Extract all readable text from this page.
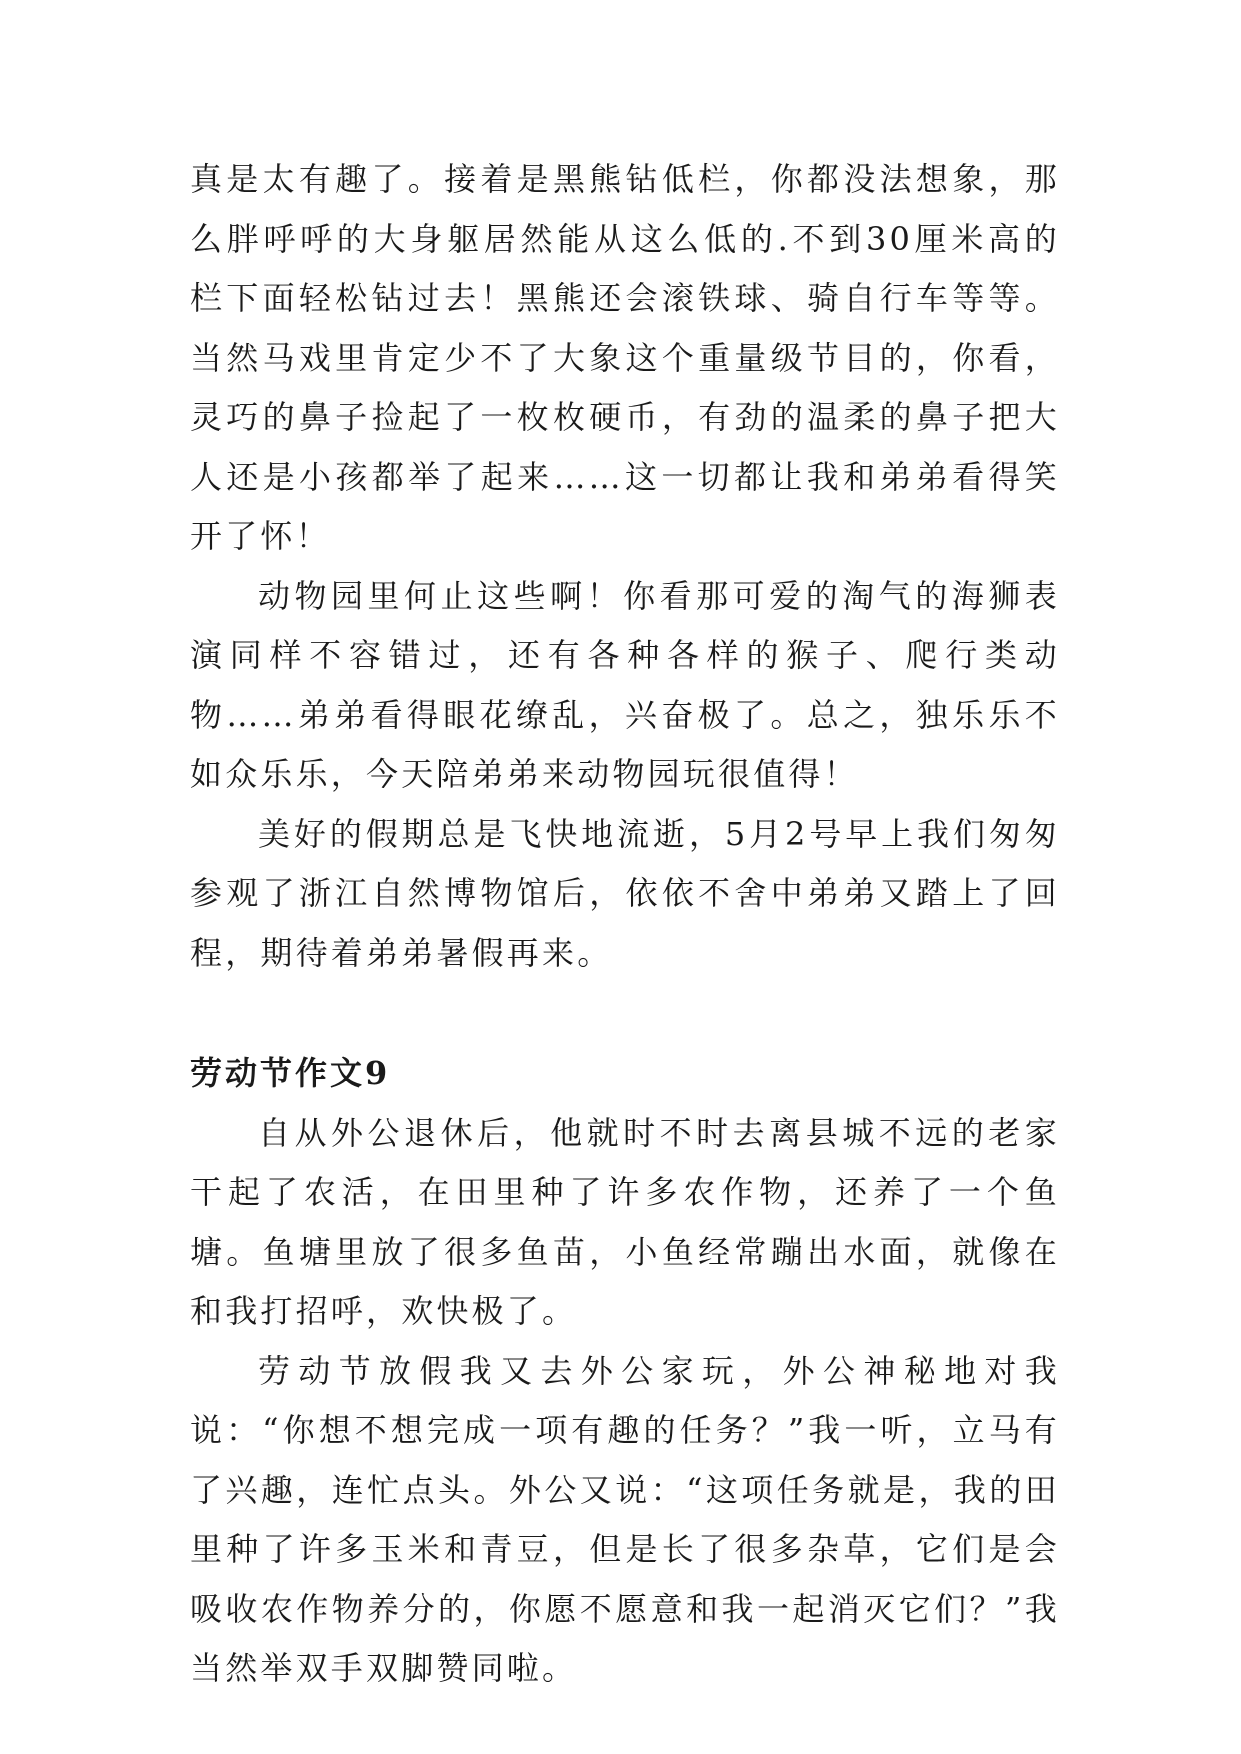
真是太有趣了。接着是黑熊钻低栏，你都没法想象，那么胖呼呼的大身躯居然能从这么低的.不到30厘米高的栏下面轻松钻过去！黑熊还会滚铁球、骑自行车等等。当然马戏里肯定少不了大象这个重量级节目的，你看，灵巧的鼻子捡起了一枚枚硬币，有劲的温柔的鼻子把大人还是小孩都举了起来……这一切都让我和弟弟看得笑开了怀！

动物园里何止这些啊！你看那可爱的淘气的海狮表演同样不容错过，还有各种各样的猴子、爬行类动物……弟弟看得眼花缭乱，兴奋极了。总之，独乐乐不如众乐乐，今天陪弟弟来动物园玩很值得！

美好的假期总是飞快地流逝，5月2号早上我们匆匆参观了浙江自然博物馆后，依依不舍中弟弟又踏上了回程，期待着弟弟暑假再来。

劳动节作文9

自从外公退休后，他就时不时去离县城不远的老家干起了农活，在田里种了许多农作物，还养了一个鱼塘。鱼塘里放了很多鱼苗，小鱼经常蹦出水面，就像在和我打招呼，欢快极了。

劳动节放假我又去外公家玩，外公神秘地对我说：“你想不想完成一项有趣的任务？”我一听，立马有了兴趣，连忙点头。外公又说：“这项任务就是，我的田里种了许多玉米和青豆，但是长了很多杂草，它们是会吸收农作物养分的，你愿不愿意和我一起消灭它们？”我当然举双手双脚赞同啦。
